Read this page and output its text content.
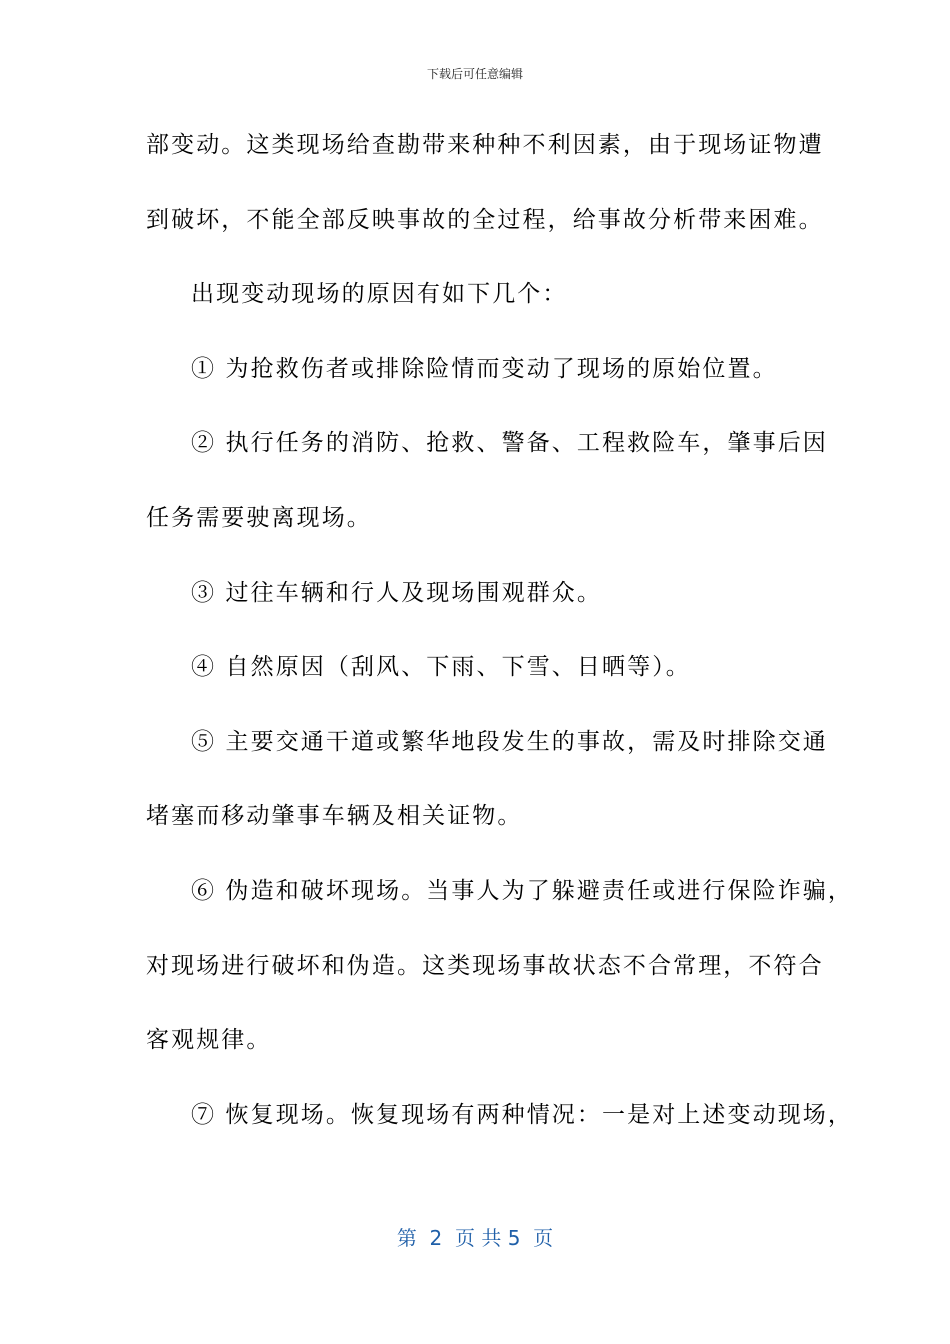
下载后可任意编辑
部变动。这类现场给查勘带来种种不利因素，由于现场证物遭
到破坏，不能全部反映事故的全过程，给事故分析带来困难。
出现变动现场的原因有如下几个：
① 为抢救伤者或排除险情而变动了现场的原始位置。
② 执行任务的消防、抢救、警备、工程救险车，肇事后因
任务需要驶离现场。
③ 过往车辆和行人及现场围观群众。
④ 自然原因（刮风、下雨、下雪、日晒等）。
⑤ 主要交通干道或繁华地段发生的事故，需及时排除交通
堵塞而移动肇事车辆及相关证物。
⑥ 伪造和破坏现场。当事人为了躲避责任或进行保险诈骗，
对现场进行破坏和伪造。这类现场事故状态不合常理，不符合
客观规律。
⑦ 恢复现场。恢复现场有两种情况：一是对上述变动现场，
第  2  页 共 5  页
